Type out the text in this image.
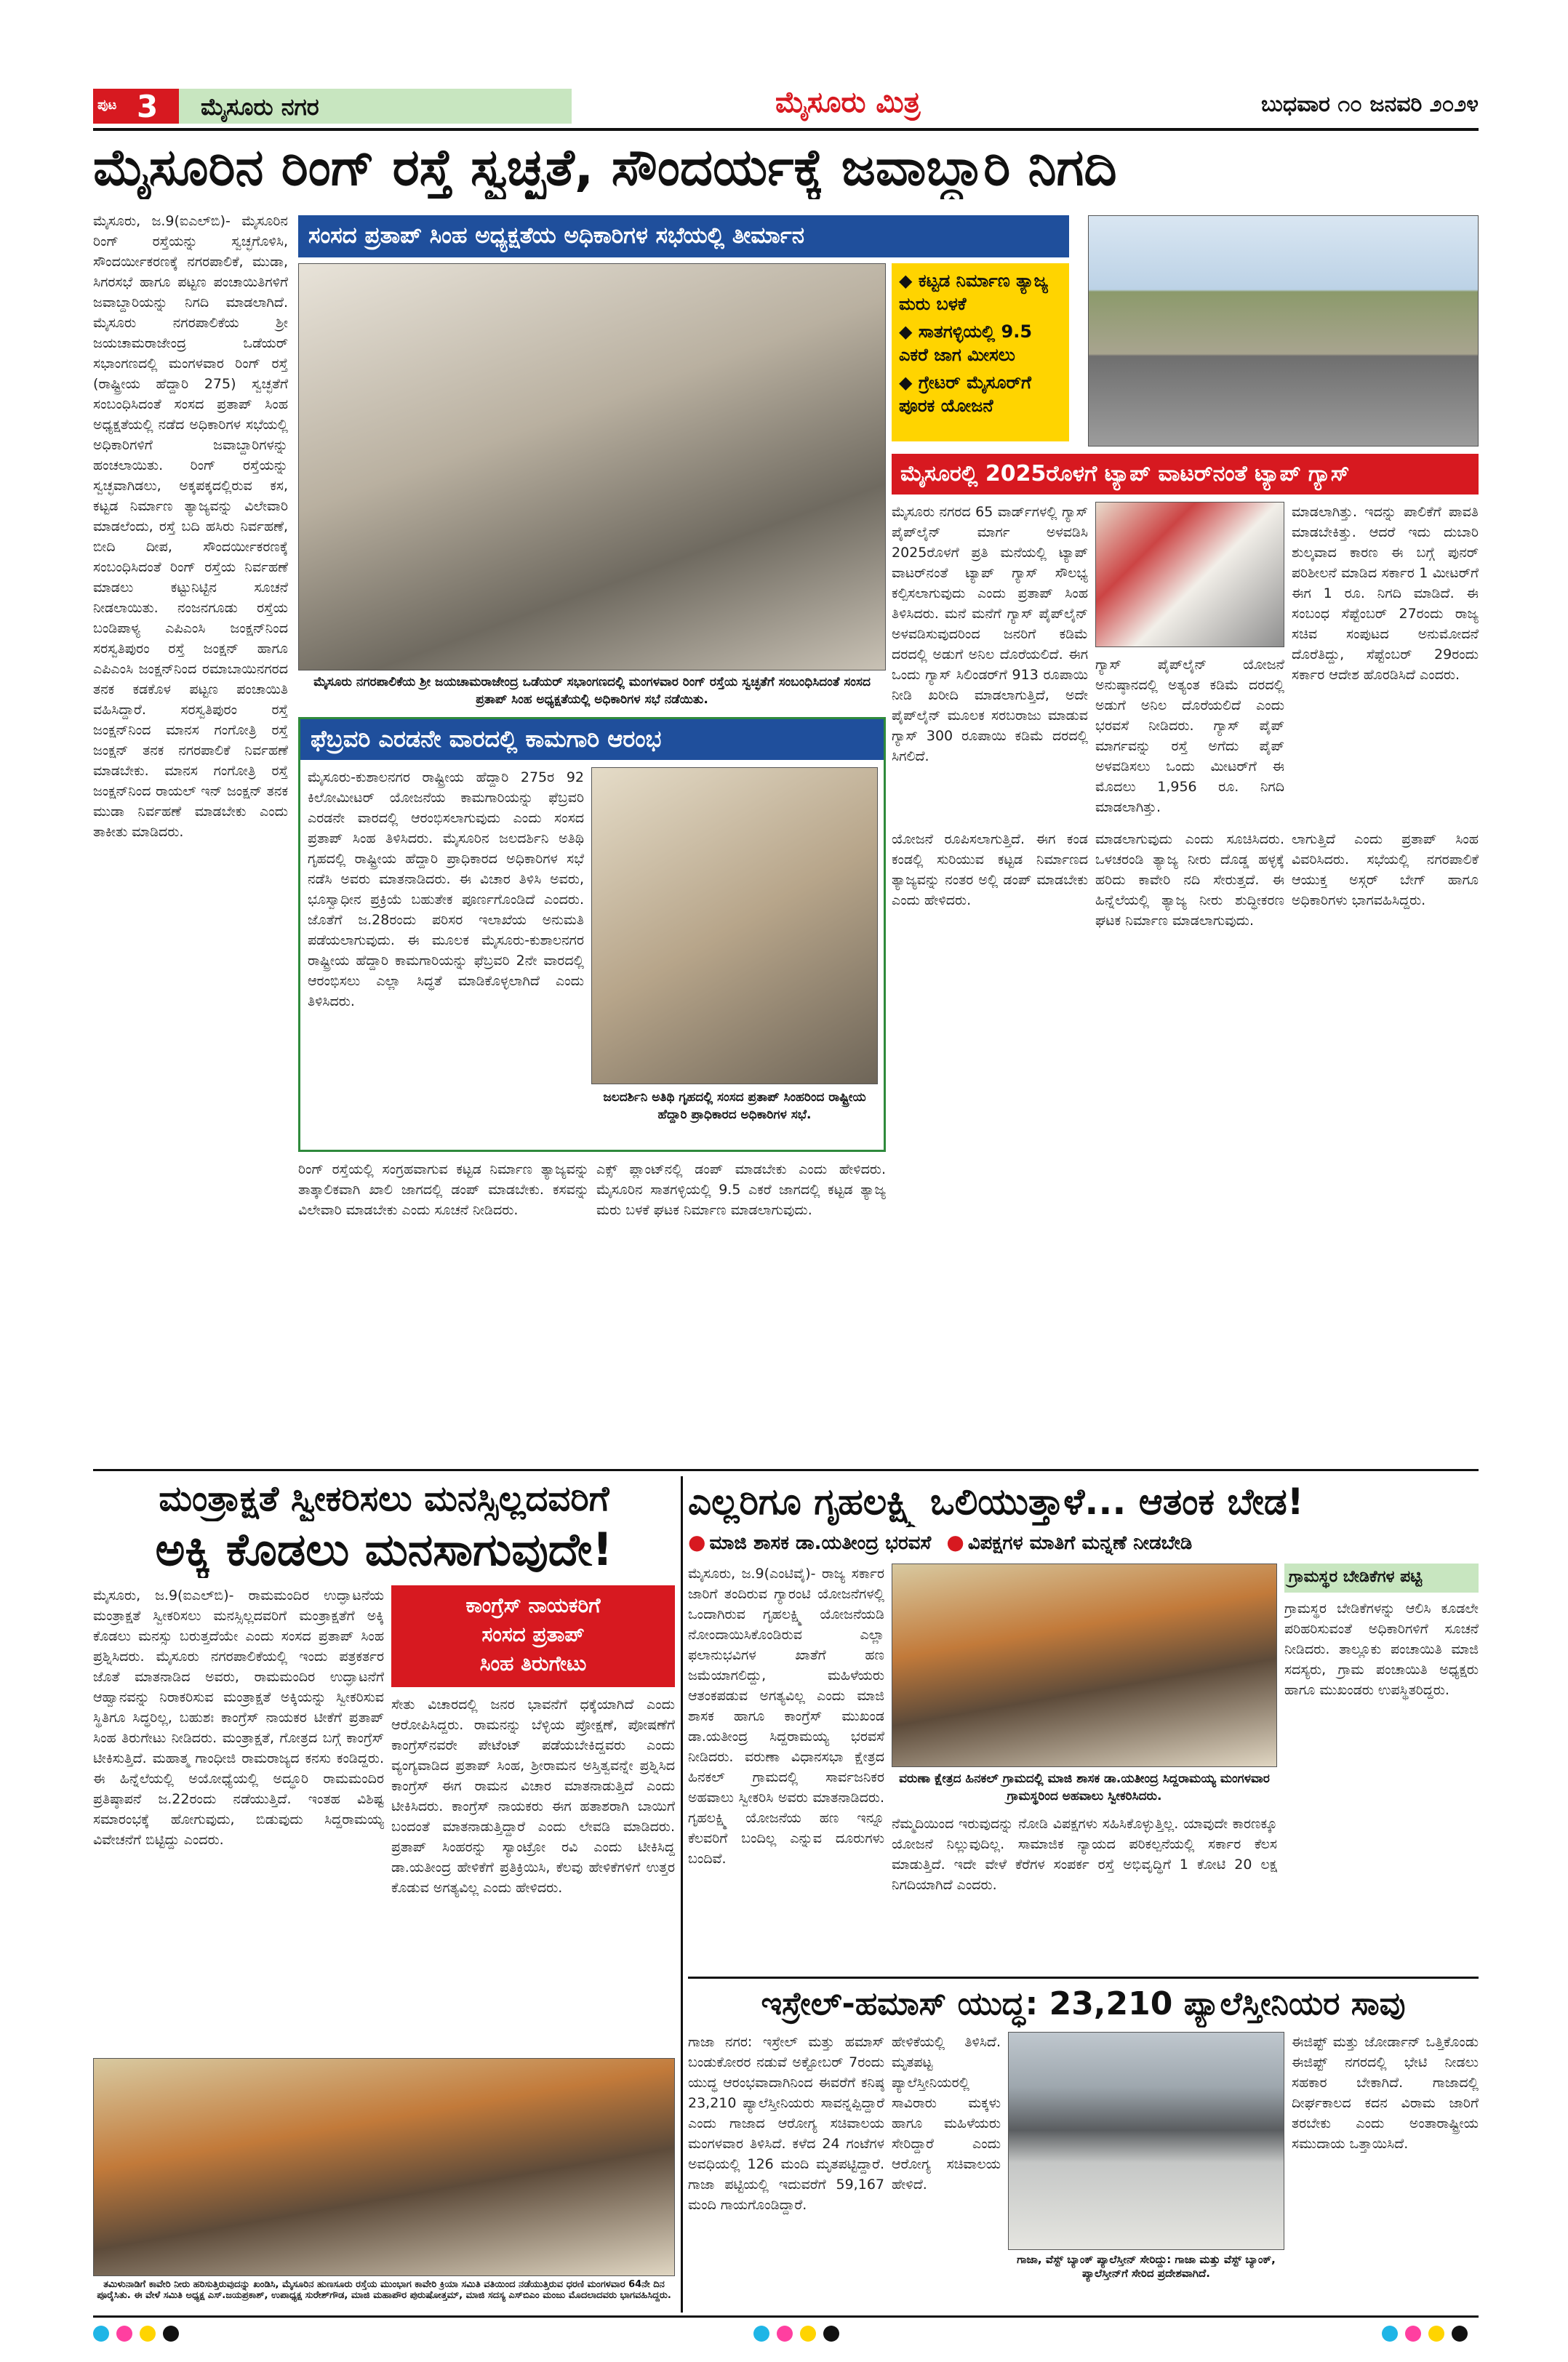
ಪುಟ 3 ಮೈಸೂರು ನಗರ	ಮೈಸೂರು ಮಿತ್ರ	ಬುಧವಾರ ೧೦ ಜನವರಿ ೨೦೨೪
ಮೈಸೂರಿನ ರಿಂಗ್ ರಸ್ತೆ ಸ್ವಚ್ಛತೆ, ಸೌಂದರ್ಯಕ್ಕೆ ಜವಾಬ್ದಾರಿ ನಿಗದಿ
ಮೈಸೂರು, ಜ.9(ಐಎಲ್‌ಬಿ)- ಮೈಸೂರಿನ ರಿಂಗ್ ರಸ್ತೆಯನ್ನು ಸ್ವಚ್ಛಗೊಳಿಸಿ, ಸೌಂದರ್ಯೀಕರಣಕ್ಕೆ ನಗರಪಾಲಿಕೆ, ಮುಡಾ, ಸಿಗರಸಭೆ ಹಾಗೂ ಪಟ್ಟಣ ಪಂಚಾಯಿತಿಗಳಿಗೆ ಜವಾಬ್ದಾರಿಯನ್ನು ನಿಗದಿ ಮಾಡಲಾಗಿದೆ. ಮೈಸೂರು ನಗರಪಾಲಿಕೆಯ ಶ್ರೀ ಜಯಚಾಮರಾಜೇಂದ್ರ ಒಡೆಯರ್ ಸಭಾಂಗಣದಲ್ಲಿ ಮಂಗಳವಾರ ರಿಂಗ್ ರಸ್ತೆ (ರಾಷ್ಟ್ರೀಯ ಹೆದ್ದಾರಿ 275) ಸ್ವಚ್ಛತೆಗೆ ಸಂಬಂಧಿಸಿದಂತೆ ಸಂಸದ ಪ್ರತಾಪ್ ಸಿಂಹ ಅಧ್ಯಕ್ಷತೆಯಲ್ಲಿ ನಡೆದ ಅಧಿಕಾರಿಗಳ ಸಭೆಯಲ್ಲಿ ಅಧಿಕಾರಿಗಳಿಗೆ ಜವಾಬ್ದಾರಿಗಳನ್ನು ಹಂಚಲಾಯಿತು. ರಿಂಗ್ ರಸ್ತೆಯನ್ನು ಸ್ವಚ್ಛವಾಗಿಡಲು, ಅಕ್ಕಪಕ್ಕದಲ್ಲಿರುವ ಕಸ, ಕಟ್ಟಡ ನಿರ್ಮಾಣ ತ್ಯಾಜ್ಯವನ್ನು ವಿಲೇವಾರಿ ಮಾಡಲೆಂದು, ರಸ್ತೆ ಬದಿ ಹಸಿರು ನಿರ್ವಹಣೆ, ಬೀದಿ ದೀಪ, ಸೌಂದರ್ಯೀಕರಣಕ್ಕೆ ಸಂಬಂಧಿಸಿದಂತೆ ರಿಂಗ್ ರಸ್ತೆಯ ನಿರ್ವಹಣೆ ಮಾಡಲು ಕಟ್ಟುನಿಟ್ಟಿನ ಸೂಚನೆ ನೀಡಲಾಯಿತು. ನಂಜನಗೂಡು ರಸ್ತೆಯ ಬಂಡಿಪಾಳ್ಯ ಎಪಿಎಂಸಿ ಜಂಕ್ಷನ್‌ನಿಂದ ಸರಸ್ವತಿಪುರಂ ರಸ್ತೆ ಜಂಕ್ಷನ್ ಹಾಗೂ ಎಪಿಎಂಸಿ ಜಂಕ್ಷನ್‌ನಿಂದ ರಮಾಬಾಯಿನಗರದ ತನಕ ಕಡಕೊಳ ಪಟ್ಟಣ ಪಂಚಾಯಿತಿ ವಹಿಸಿದ್ದಾರೆ. ಸರಸ್ವತಿಪುರಂ ರಸ್ತೆ ಜಂಕ್ಷನ್‌ನಿಂದ ಮಾನಸ ಗಂಗೋತ್ರಿ ರಸ್ತೆ ಜಂಕ್ಷನ್ ತನಕ ನಗರಪಾಲಿಕೆ ನಿರ್ವಹಣೆ ಮಾಡಬೇಕು. ಮಾನಸ ಗಂಗೋತ್ರಿ ರಸ್ತೆ ಜಂಕ್ಷನ್‌ನಿಂದ ರಾಯಲ್ ಇನ್ ಜಂಕ್ಷನ್ ತನಕ ಮುಡಾ ನಿರ್ವಹಣೆ ಮಾಡಬೇಕು ಎಂದು ತಾಕೀತು ಮಾಡಿದರು.
ಸಂಸದ ಪ್ರತಾಪ್ ಸಿಂಹ ಅಧ್ಯಕ್ಷತೆಯ ಅಧಿಕಾರಿಗಳ ಸಭೆಯಲ್ಲಿ ತೀರ್ಮಾನ
◆ ಕಟ್ಟಡ ನಿರ್ಮಾಣ ತ್ಯಾಜ್ಯ ಮರು ಬಳಕೆ
◆ ಸಾತಗಳ್ಳಿಯಲ್ಲಿ 9.5 ಎಕರೆ ಜಾಗ ಮೀಸಲು
◆ ಗ್ರೇಟರ್ ಮೈಸೂರ್‌ಗೆ ಪೂರಕ ಯೋಜನೆ
ಮೈಸೂರಲ್ಲಿ 2025ರೊಳಗೆ ಟ್ಯಾಪ್ ವಾಟರ್‌ನಂತೆ ಟ್ಯಾಪ್ ಗ್ಯಾಸ್
ಮೈಸೂರು ನಗರಪಾಲಿಕೆಯ ಶ್ರೀ ಜಯಚಾಮರಾಜೇಂದ್ರ ಒಡೆಯರ್ ಸಭಾಂಗಣದಲ್ಲಿ ಮಂಗಳವಾರ ರಿಂಗ್ ರಸ್ತೆಯ ಸ್ವಚ್ಛತೆಗೆ ಸಂಬಂಧಿಸಿದಂತೆ ಸಂಸದ ಪ್ರತಾಪ್ ಸಿಂಹ ಅಧ್ಯಕ್ಷತೆಯಲ್ಲಿ ಅಧಿಕಾರಿಗಳ ಸಭೆ ನಡೆಯಿತು.
ಮೈಸೂರು ನಗರದ 65 ವಾರ್ಡ್‌ಗಳಲ್ಲಿ ಗ್ಯಾಸ್ ಪೈಪ್‌ಲೈನ್ ಮಾರ್ಗ ಅಳವಡಿಸಿ 2025ರೊಳಗೆ ಪ್ರತಿ ಮನೆಯಲ್ಲಿ ಟ್ಯಾಪ್ ವಾಟರ್‌ನಂತೆ ಟ್ಯಾಪ್ ಗ್ಯಾಸ್ ಸೌಲಭ್ಯ ಕಲ್ಪಿಸಲಾಗುವುದು ಎಂದು ಪ್ರತಾಪ್ ಸಿಂಹ ತಿಳಿಸಿದರು. ಮನೆ ಮನೆಗೆ ಗ್ಯಾಸ್ ಪೈಪ್‌ಲೈನ್ ಅಳವಡಿಸುವುದರಿಂದ ಜನರಿಗೆ ಕಡಿಮೆ ದರದಲ್ಲಿ ಅಡುಗೆ ಅನಿಲ ದೊರೆಯಲಿದೆ. ಈಗ ಒಂದು ಗ್ಯಾಸ್ ಸಿಲಿಂಡರ್‌ಗೆ 913 ರೂಪಾಯಿ ನೀಡಿ ಖರೀದಿ ಮಾಡಲಾಗುತ್ತಿದೆ, ಅದೇ ಪೈಪ್‌ಲೈನ್ ಮೂಲಕ ಸರಬರಾಜು ಮಾಡುವ ಗ್ಯಾಸ್ 300 ರೂಪಾಯಿ ಕಡಿಮೆ ದರದಲ್ಲಿ ಸಿಗಲಿದೆ.
ಗ್ಯಾಸ್ ಪೈಪ್‌ಲೈನ್ ಯೋಜನೆ ಅನುಷ್ಠಾನದಲ್ಲಿ ಅತ್ಯಂತ ಕಡಿಮೆ ದರದಲ್ಲಿ ಅಡುಗೆ ಅನಿಲ ದೊರೆಯಲಿದೆ ಎಂದು ಭರವಸೆ ನೀಡಿದರು. ಗ್ಯಾಸ್ ಪೈಪ್ ಮಾರ್ಗವನ್ನು ರಸ್ತೆ ಅಗೆದು ಪೈಪ್ ಅಳವಡಿಸಲು ಒಂದು ಮೀಟರ್‌ಗೆ ಈ ಮೊದಲು 1,956 ರೂ. ನಿಗದಿ ಮಾಡಲಾಗಿತ್ತು.
ಮಾಡಲಾಗಿತ್ತು. ಇದನ್ನು ಪಾಲಿಕೆಗೆ ಪಾವತಿ ಮಾಡಬೇಕಿತ್ತು. ಆದರೆ ಇದು ದುಬಾರಿ ಶುಲ್ಕವಾದ ಕಾರಣ ಈ ಬಗ್ಗೆ ಪುನರ್ ಪರಿಶೀಲನೆ ಮಾಡಿದ ಸರ್ಕಾರ 1 ಮೀಟರ್‌ಗೆ ಈಗ 1 ರೂ. ನಿಗದಿ ಮಾಡಿದೆ. ಈ ಸಂಬಂಧ ಸೆಪ್ಟೆಂಬರ್ 27ರಂದು ರಾಜ್ಯ ಸಚಿವ ಸಂಪುಟದ ಅನುಮೋದನೆ ದೊರೆತಿದ್ದು, ಸೆಪ್ಟೆಂಬರ್ 29ರಂದು ಸರ್ಕಾರ ಆದೇಶ ಹೊರಡಿಸಿದೆ ಎಂದರು.
ಫೆಬ್ರವರಿ ಎರಡನೇ ವಾರದಲ್ಲಿ ಕಾಮಗಾರಿ ಆರಂಭ
ಮೈಸೂರು-ಕುಶಾಲನಗರ ರಾಷ್ಟ್ರೀಯ ಹೆದ್ದಾರಿ 275ರ 92 ಕಿಲೋಮೀಟರ್ ಯೋಜನೆಯ ಕಾಮಗಾರಿಯನ್ನು ಫೆಬ್ರವರಿ ಎರಡನೇ ವಾರದಲ್ಲಿ ಆರಂಭಿಸಲಾಗುವುದು ಎಂದು ಸಂಸದ ಪ್ರತಾಪ್ ಸಿಂಹ ತಿಳಿಸಿದರು. ಮೈಸೂರಿನ ಜಲದರ್ಶಿನಿ ಅತಿಥಿ ಗೃಹದಲ್ಲಿ ರಾಷ್ಟ್ರೀಯ ಹೆದ್ದಾರಿ ಪ್ರಾಧಿಕಾರದ ಅಧಿಕಾರಿಗಳ ಸಭೆ ನಡೆಸಿ ಅವರು ಮಾತನಾಡಿದರು. ಈ ವಿಚಾರ ತಿಳಿಸಿ ಅವರು, ಭೂಸ್ವಾಧೀನ ಪ್ರಕ್ರಿಯೆ ಬಹುತೇಕ ಪೂರ್ಣಗೊಂಡಿದೆ ಎಂದರು. ಜೊತೆಗೆ ಜ.28ರಂದು ಪರಿಸರ ಇಲಾಖೆಯ ಅನುಮತಿ ಪಡೆಯಲಾಗುವುದು. ಈ ಮೂಲಕ ಮೈಸೂರು-ಕುಶಾಲನಗರ ರಾಷ್ಟ್ರೀಯ ಹೆದ್ದಾರಿ ಕಾಮಗಾರಿಯನ್ನು ಫೆಬ್ರವರಿ 2ನೇ ವಾರದಲ್ಲಿ ಆರಂಭಿಸಲು ಎಲ್ಲಾ ಸಿದ್ಧತೆ ಮಾಡಿಕೊಳ್ಳಲಾಗಿದೆ ಎಂದು ತಿಳಿಸಿದರು.
ಜಲದರ್ಶಿನಿ ಅತಿಥಿ ಗೃಹದಲ್ಲಿ ಸಂಸದ ಪ್ರತಾಪ್ ಸಿಂಹರಿಂದ ರಾಷ್ಟ್ರೀಯ ಹೆದ್ದಾರಿ ಪ್ರಾಧಿಕಾರದ ಅಧಿಕಾರಿಗಳ ಸಭೆ.
ಯೋಜನೆ ರೂಪಿಸಲಾಗುತ್ತಿದೆ. ಈಗ ಕಂಡ ಕಂಡಲ್ಲಿ ಸುರಿಯುವ ಕಟ್ಟಡ ನಿರ್ಮಾಣದ ತ್ಯಾಜ್ಯವನ್ನು ನಂತರ ಅಲ್ಲಿ ಡಂಪ್ ಮಾಡಬೇಕು ಎಂದು ಹೇಳಿದರು.
ಮಾಡಲಾಗುವುದು ಎಂದು ಸೂಚಿಸಿದರು. ಒಳಚರಂಡಿ ತ್ಯಾಜ್ಯ ನೀರು ದೊಡ್ಡ ಹಳ್ಳಕ್ಕೆ ಹರಿದು ಕಾವೇರಿ ನದಿ ಸೇರುತ್ತದೆ. ಈ ಹಿನ್ನೆಲೆಯಲ್ಲಿ ತ್ಯಾಜ್ಯ ನೀರು ಶುದ್ಧೀಕರಣ ಘಟಕ ನಿರ್ಮಾಣ ಮಾಡಲಾಗುವುದು.
ಲಾಗುತ್ತಿದೆ ಎಂದು ಪ್ರತಾಪ್ ಸಿಂಹ ವಿವರಿಸಿದರು. ಸಭೆಯಲ್ಲಿ ನಗರಪಾಲಿಕೆ ಆಯುಕ್ತ ಅಸ್ಗರ್ ಬೇಗ್ ಹಾಗೂ ಅಧಿಕಾರಿಗಳು ಭಾಗವಹಿಸಿದ್ದರು.
ರಿಂಗ್ ರಸ್ತೆಯಲ್ಲಿ ಸಂಗ್ರಹವಾಗುವ ಕಟ್ಟಡ ನಿರ್ಮಾಣ ತ್ಯಾಜ್ಯವನ್ನು ತಾತ್ಕಾಲಿಕವಾಗಿ ಖಾಲಿ ಜಾಗದಲ್ಲಿ ಡಂಪ್ ಮಾಡಬೇಕು. ಕಸವನ್ನು ವಿಲೇವಾರಿ ಮಾಡಬೇಕು ಎಂದು ಸೂಚನೆ ನೀಡಿದರು.
ಎಕ್ಸ್ ಪ್ಲಾಂಟ್‌ನಲ್ಲಿ ಡಂಪ್ ಮಾಡಬೇಕು ಎಂದು ಹೇಳಿದರು. ಮೈಸೂರಿನ ಸಾತಗಳ್ಳಿಯಲ್ಲಿ 9.5 ಎಕರೆ ಜಾಗದಲ್ಲಿ ಕಟ್ಟಡ ತ್ಯಾಜ್ಯ ಮರು ಬಳಕೆ ಘಟಕ ನಿರ್ಮಾಣ ಮಾಡಲಾಗುವುದು.
ಮಂತ್ರಾಕ್ಷತೆ ಸ್ವೀಕರಿಸಲು ಮನಸ್ಸಿಲ್ಲದವರಿಗೆ
ಅಕ್ಕಿ ಕೊಡಲು ಮನಸಾಗುವುದೇ!
ಮೈಸೂರು, ಜ.9(ಐಎಲ್‌ಬಿ)- ರಾಮಮಂದಿರ ಉದ್ಘಾಟನೆಯ ಮಂತ್ರಾಕ್ಷತೆ ಸ್ವೀಕರಿಸಲು ಮನಸ್ಸಿಲ್ಲದವರಿಗೆ ಮಂತ್ರಾಕ್ಷತೆಗೆ ಅಕ್ಕಿ ಕೊಡಲು ಮನಸ್ಸು ಬರುತ್ತದೆಯೇ ಎಂದು ಸಂಸದ ಪ್ರತಾಪ್ ಸಿಂಹ ಪ್ರಶ್ನಿಸಿದರು. ಮೈಸೂರು ನಗರಪಾಲಿಕೆಯಲ್ಲಿ ಇಂದು ಪತ್ರಕರ್ತರ ಜೊತೆ ಮಾತನಾಡಿದ ಅವರು, ರಾಮಮಂದಿರ ಉದ್ಘಾಟನೆಗೆ ಆಹ್ವಾನವನ್ನು ನಿರಾಕರಿಸುವ ಮಂತ್ರಾಕ್ಷತೆ ಅಕ್ಕಿಯನ್ನು ಸ್ವೀಕರಿಸುವ ಸ್ಥಿತಿಗೂ ಸಿದ್ಧರಿಲ್ಲ, ಬಹುಶಃ ಕಾಂಗ್ರೆಸ್ ನಾಯಕರ ಟೀಕೆಗೆ ಪ್ರತಾಪ್ ಸಿಂಹ ತಿರುಗೇಟು ನೀಡಿದರು. ಮಂತ್ರಾಕ್ಷತೆ, ಗೋತ್ರದ ಬಗ್ಗೆ ಕಾಂಗ್ರೆಸ್ ಟೀಕಿಸುತ್ತಿದೆ. ಮಹಾತ್ಮ ಗಾಂಧೀಜಿ ರಾಮರಾಜ್ಯದ ಕನಸು ಕಂಡಿದ್ದರು. ಈ ಹಿನ್ನೆಲೆಯಲ್ಲಿ ಅಯೋಧ್ಯೆಯಲ್ಲಿ ಅದ್ಧೂರಿ ರಾಮಮಂದಿರ ಪ್ರತಿಷ್ಠಾಪನೆ ಜ.22ರಂದು ನಡೆಯುತ್ತಿದೆ. ಇಂತಹ ವಿಶಿಷ್ಟ ಸಮಾರಂಭಕ್ಕೆ ಹೋಗುವುದು, ಬಿಡುವುದು ಸಿದ್ದರಾಮಯ್ಯ ವಿವೇಚನೆಗೆ ಬಿಟ್ಟಿದ್ದು ಎಂದರು.
ಕಾಂಗ್ರೆಸ್ ನಾಯಕರಿಗೆ
ಸಂಸದ ಪ್ರತಾಪ್
ಸಿಂಹ ತಿರುಗೇಟು
ಸೇತು ವಿಚಾರದಲ್ಲಿ ಜನರ ಭಾವನೆಗೆ ಧಕ್ಕೆಯಾಗಿದೆ ಎಂದು ಆರೋಪಿಸಿದ್ದರು. ರಾಮನನ್ನು ಬೆಳ್ಳಿಯ ಪ್ರೋಕ್ಷಣೆ, ಪೋಷಣೆಗೆ ಕಾಂಗ್ರೆಸ್‌ನವರೇ ಪೇಟೆಂಟ್ ಪಡೆಯಬೇಕಿದ್ದವರು ಎಂದು ವ್ಯಂಗ್ಯವಾಡಿದ ಪ್ರತಾಪ್ ಸಿಂಹ, ಶ್ರೀರಾಮನ ಅಸ್ತಿತ್ವವನ್ನೇ ಪ್ರಶ್ನಿಸಿದ ಕಾಂಗ್ರೆಸ್ ಈಗ ರಾಮನ ವಿಚಾರ ಮಾತನಾಡುತ್ತಿದೆ ಎಂದು ಟೀಕಿಸಿದರು. ಕಾಂಗ್ರೆಸ್ ನಾಯಕರು ಈಗ ಹತಾಶರಾಗಿ ಬಾಯಿಗೆ ಬಂದಂತೆ ಮಾತನಾಡುತ್ತಿದ್ದಾರೆ ಎಂದು ಲೇವಡಿ ಮಾಡಿದರು. ಪ್ರತಾಪ್ ಸಿಂಹರನ್ನು ಸ್ಯಾಂಟ್ರೋ ರವಿ ಎಂದು ಟೀಕಿಸಿದ್ದ ಡಾ.ಯತೀಂದ್ರ ಹೇಳಿಕೆಗೆ ಪ್ರತಿಕ್ರಿಯಿಸಿ, ಕೆಲವು ಹೇಳಿಕೆಗಳಿಗೆ ಉತ್ತರ ಕೊಡುವ ಅಗತ್ಯವಿಲ್ಲ ಎಂದು ಹೇಳಿದರು.
ತಮಿಳುನಾಡಿಗೆ ಕಾವೇರಿ ನೀರು ಹರಿಸುತ್ತಿರುವುದನ್ನು ಖಂಡಿಸಿ, ಮೈಸೂರಿನ ಹುಣಸೂರು ರಸ್ತೆಯ ಮುಂಭಾಗ ಕಾವೇರಿ ಕ್ರಿಯಾ ಸಮಿತಿ ವತಿಯಿಂದ ನಡೆಯುತ್ತಿರುವ ಧರಣಿ ಮಂಗಳವಾರ 64ನೇ ದಿನ ಪೂರೈಸಿತು. ಈ ವೇಳೆ ಸಮಿತಿ ಅಧ್ಯಕ್ಷ ಎಸ್.ಜಯಪ್ರಕಾಶ್, ಉಪಾಧ್ಯಕ್ಷ ಸುರೇಶ್‌ಗೌಡ, ಮಾಜಿ ಮಹಾಪೌರ ಪುರುಷೋತ್ತಮ್, ಮಾಜಿ ಸದಸ್ಯ ಎಸ್‌ಬಿಎಂ ಮಂಜು ಮೊದಲಾದವರು ಭಾಗವಹಿಸಿದ್ದರು.
ಎಲ್ಲರಿಗೂ ಗೃಹಲಕ್ಷ್ಮಿ ಒಲಿಯುತ್ತಾಳೆ... ಆತಂಕ ಬೇಡ!
● ಮಾಜಿ ಶಾಸಕ ಡಾ.ಯತೀಂದ್ರ ಭರವಸೆ ● ವಿಪಕ್ಷಗಳ ಮಾತಿಗೆ ಮನ್ನಣೆ ನೀಡಬೇಡಿ
ಮೈಸೂರು, ಜ.9(ಎಂಟಿವೈ)- ರಾಜ್ಯ ಸರ್ಕಾರ ಜಾರಿಗೆ ತಂದಿರುವ ಗ್ಯಾರಂಟಿ ಯೋಜನೆಗಳಲ್ಲಿ ಒಂದಾಗಿರುವ ಗೃಹಲಕ್ಷ್ಮಿ ಯೋಜನೆಯಡಿ ನೋಂದಾಯಿಸಿಕೊಂಡಿರುವ ಎಲ್ಲಾ ಫಲಾನುಭವಿಗಳ ಖಾತೆಗೆ ಹಣ ಜಮೆಯಾಗಲಿದ್ದು, ಮಹಿಳೆಯರು ಆತಂಕಪಡುವ ಅಗತ್ಯವಿಲ್ಲ ಎಂದು ಮಾಜಿ ಶಾಸಕ ಹಾಗೂ ಕಾಂಗ್ರೆಸ್ ಮುಖಂಡ ಡಾ.ಯತೀಂದ್ರ ಸಿದ್ದರಾಮಯ್ಯ ಭರವಸೆ ನೀಡಿದರು. ವರುಣಾ ವಿಧಾನಸಭಾ ಕ್ಷೇತ್ರದ ಹಿನಕಲ್ ಗ್ರಾಮದಲ್ಲಿ ಸಾರ್ವಜನಿಕರ ಅಹವಾಲು ಸ್ವೀಕರಿಸಿ ಅವರು ಮಾತನಾಡಿದರು. ಗೃಹಲಕ್ಷ್ಮಿ ಯೋಜನೆಯ ಹಣ ಇನ್ನೂ ಕೆಲವರಿಗೆ ಬಂದಿಲ್ಲ ಎನ್ನುವ ದೂರುಗಳು ಬಂದಿವೆ.
ವರುಣಾ ಕ್ಷೇತ್ರದ ಹಿನಕಲ್ ಗ್ರಾಮದಲ್ಲಿ ಮಾಜಿ ಶಾಸಕ ಡಾ.ಯತೀಂದ್ರ ಸಿದ್ದರಾಮಯ್ಯ ಮಂಗಳವಾರ ಗ್ರಾಮಸ್ಥರಿಂದ ಅಹವಾಲು ಸ್ವೀಕರಿಸಿದರು.
ನೆಮ್ಮದಿಯಿಂದ ಇರುವುದನ್ನು ನೋಡಿ ವಿಪಕ್ಷಗಳು ಸಹಿಸಿಕೊಳ್ಳುತ್ತಿಲ್ಲ. ಯಾವುದೇ ಕಾರಣಕ್ಕೂ ಯೋಜನೆ ನಿಲ್ಲುವುದಿಲ್ಲ. ಸಾಮಾಜಿಕ ನ್ಯಾಯದ ಪರಿಕಲ್ಪನೆಯಲ್ಲಿ ಸರ್ಕಾರ ಕೆಲಸ ಮಾಡುತ್ತಿದೆ. ಇದೇ ವೇಳೆ ಕೆರೆಗಳ ಸಂಪರ್ಕ ರಸ್ತೆ ಅಭಿವೃದ್ಧಿಗೆ 1 ಕೋಟಿ 20 ಲಕ್ಷ ನಿಗದಿಯಾಗಿದೆ ಎಂದರು.
ಗ್ರಾಮಸ್ಥರ ಬೇಡಿಕೆಗಳ ಪಟ್ಟಿ
ಗ್ರಾಮಸ್ಥರ ಬೇಡಿಕೆಗಳನ್ನು ಆಲಿಸಿ ಕೂಡಲೇ ಪರಿಹರಿಸುವಂತೆ ಅಧಿಕಾರಿಗಳಿಗೆ ಸೂಚನೆ ನೀಡಿದರು. ತಾಲ್ಲೂಕು ಪಂಚಾಯಿತಿ ಮಾಜಿ ಸದಸ್ಯರು, ಗ್ರಾಮ ಪಂಚಾಯಿತಿ ಅಧ್ಯಕ್ಷರು ಹಾಗೂ ಮುಖಂಡರು ಉಪಸ್ಥಿತರಿದ್ದರು.
ಇಸ್ರೇಲ್-ಹಮಾಸ್ ಯುದ್ಧ: 23,210 ಪ್ಯಾಲೆಸ್ತೀನಿಯರ ಸಾವು
ಗಾಜಾ ನಗರ: ಇಸ್ರೇಲ್ ಮತ್ತು ಹಮಾಸ್ ಬಂಡುಕೋರರ ನಡುವೆ ಅಕ್ಟೋಬರ್ 7ರಂದು ಯುದ್ಧ ಆರಂಭವಾದಾಗಿನಿಂದ ಈವರೆಗೆ ಕನಿಷ್ಠ 23,210 ಪ್ಯಾಲೆಸ್ತೀನಿಯರು ಸಾವನ್ನಪ್ಪಿದ್ದಾರೆ ಎಂದು ಗಾಜಾದ ಆರೋಗ್ಯ ಸಚಿವಾಲಯ ಮಂಗಳವಾರ ತಿಳಿಸಿದೆ. ಕಳೆದ 24 ಗಂಟೆಗಳ ಅವಧಿಯಲ್ಲಿ 126 ಮಂದಿ ಮೃತಪಟ್ಟಿದ್ದಾರೆ. ಗಾಜಾ ಪಟ್ಟಿಯಲ್ಲಿ ಇದುವರೆಗೆ 59,167 ಮಂದಿ ಗಾಯಗೊಂಡಿದ್ದಾರೆ.
ಹೇಳಿಕೆಯಲ್ಲಿ ತಿಳಿಸಿದೆ. ಮೃತಪಟ್ಟ ಪ್ಯಾಲೆಸ್ತೀನಿಯರಲ್ಲಿ ಸಾವಿರಾರು ಮಕ್ಕಳು ಹಾಗೂ ಮಹಿಳೆಯರು ಸೇರಿದ್ದಾರೆ ಎಂದು ಆರೋಗ್ಯ ಸಚಿವಾಲಯ ಹೇಳಿದೆ.
ಗಾಜಾ, ವೆಸ್ಟ್ ಬ್ಯಾಂಕ್ ಪ್ಯಾಲೆಸ್ತೀನ್ ಸೇರಿದ್ದು: ಗಾಜಾ ಮತ್ತು ವೆಸ್ಟ್ ಬ್ಯಾಂಕ್, ಪ್ಯಾಲೆಸ್ತೀನ್‌ಗೆ ಸೇರಿದ ಪ್ರದೇಶವಾಗಿದೆ.
ಈಜಿಪ್ಟ್ ಮತ್ತು ಜೋರ್ಡಾನ್ ಒತ್ತಿಕೊಂಡು ಈಜಿಪ್ಟ್ ನಗರದಲ್ಲಿ ಭೇಟಿ ನೀಡಲು ಸಹಕಾರ ಬೇಕಾಗಿದೆ. ಗಾಜಾದಲ್ಲಿ ದೀರ್ಘಕಾಲದ ಕದನ ವಿರಾಮ ಜಾರಿಗೆ ತರಬೇಕು ಎಂದು ಅಂತಾರಾಷ್ಟ್ರೀಯ ಸಮುದಾಯ ಒತ್ತಾಯಿಸಿದೆ.
